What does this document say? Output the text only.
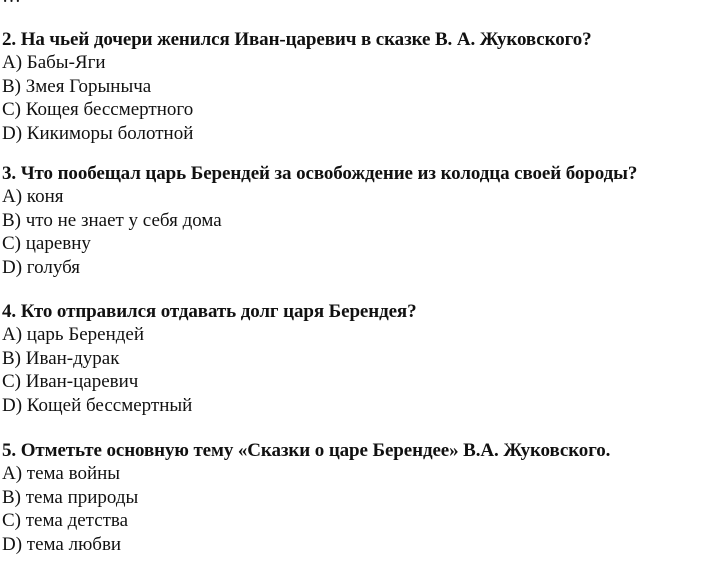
2. На чьей дочери женился Иван-царевич в сказке В. А. Жуковского?
A) Бабы-Яги
B) Змея Горыныча
C) Кощея бессмертного
D) Кикиморы болотной
3. Что пообещал царь Берендей за освобождение из колодца своей бороды?
A) коня
B) что не знает у себя дома
C) царевну
D) голубя
4. Кто отправился отдавать долг царя Берендея?
A) царь Берендей
B) Иван-дурак
C) Иван-царевич
D) Кощей бессмертный
5. Отметьте основную тему «Сказки о царе Берендее» В.А. Жуковского.
A) тема войны
B) тема природы
C) тема детства
D) тема любви
